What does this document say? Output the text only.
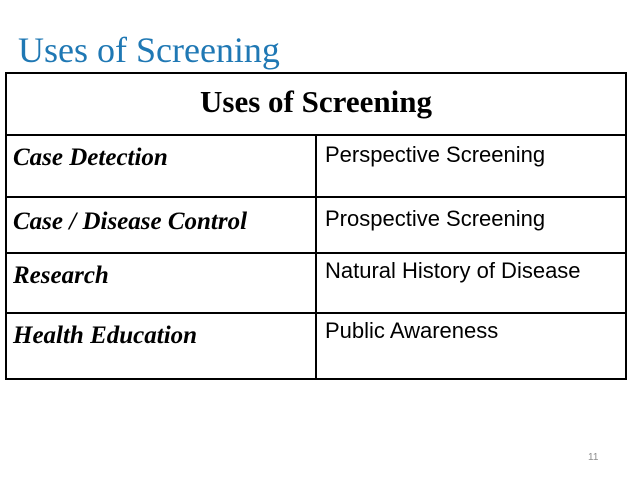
Uses of Screening
Uses of Screening	
Case Detection	Perspective Screening
Case / Disease Control	Prospective Screening
Research	Natural History of Disease
Health Education	Public Awareness
11
